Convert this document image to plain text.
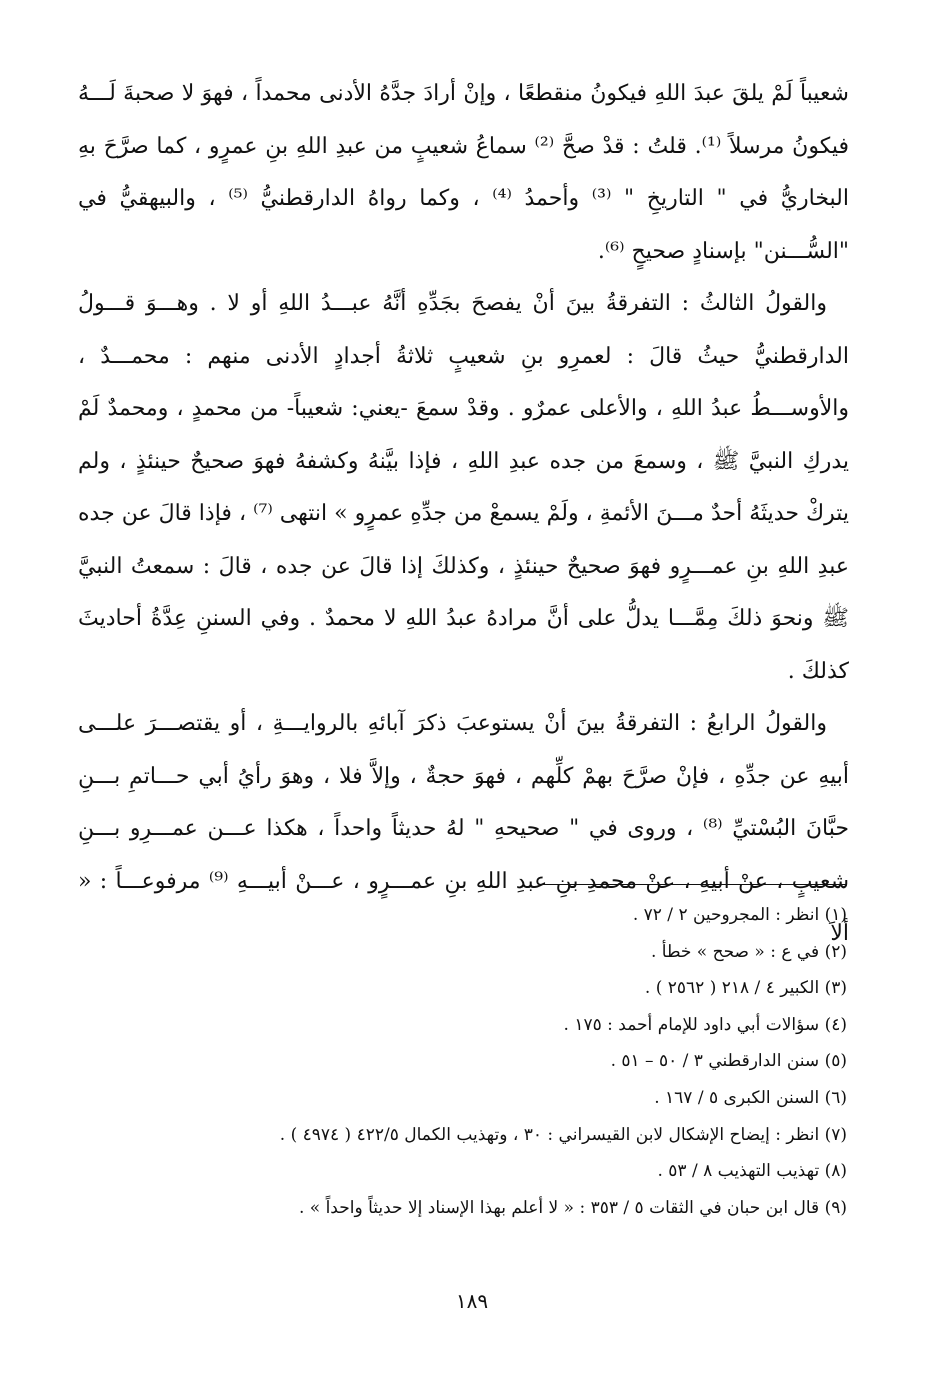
شعيباً لَمْ يلقَ عبدَ اللهِ فيكونُ منقطعًا ، وإنْ أرادَ جدَّهُ الأدنى محمداً ، فهوَ لا صحبةَ لَـــهُ فيكونُ مرسلاً ⁽¹⁾. قلتُ : قدْ صحَّ ⁽²⁾ سماعُ شعيبٍ من عبدِ اللهِ بنِ عمرٍو ، كما صرَّحَ بهِ البخاريُّ في " التاريخِ " ⁽³⁾ وأحمدُ ⁽⁴⁾ ، وكما رواهُ الدارقطنيُّ ⁽⁵⁾ ، والبيهقيُّ في "السُّـــنن" بإسنادٍ صحيحٍ ⁽⁶⁾.

والقولُ الثالثُ : التفرقةُ بينَ أنْ يفصحَ بجَدِّهِ أنَّهُ عبـــدُ اللهِ أو لا . وهـــوَ قـــولُ الدارقطنيُّ حيثُ قالَ : لعمرِو بنِ شعيبٍ ثلاثةُ أجدادٍ الأدنى منهم : محمـــدٌ ، والأوســـطُ عبدُ اللهِ ، والأعلى عمرٌو . وقدْ سمعَ -يعني: شعيباً- من محمدٍ ، ومحمدٌ لَمْ يدركِ النبيَّ ﷺ ، وسمعَ من جده عبدِ اللهِ ، فإذا بيَّنهُ وكشفهُ فهوَ صحيحٌ حينئذٍ ، ولم يتركْ حديثَهُ أحدٌ مـــنَ الأئمةِ ، ولَمْ يسمعْ من جدِّهِ عمرٍو » انتهى ⁽⁷⁾ ، فإذا قالَ عن جده عبدِ اللهِ بنِ عمـــرٍو فهوَ صحيحٌ حينئذٍ ، وكذلكَ إذا قالَ عن جده ، قالَ : سمعتُ النبيَّ ﷺ ونحوَ ذلكَ مِمَّـــا يدلُّ على أنَّ مرادهُ عبدُ اللهِ لا محمدٌ . وفي السننِ عِدَّةُ أحاديثَ كذلكَ .

والقولُ الرابعُ : التفرقةُ بينَ أنْ يستوعبَ ذكرَ آبائهِ بالروايـــةِ ، أو يقتصـــرَ علـــى أبيهِ عن جدِّهِ ، فإنْ صرَّحَ بهمْ كلِّهم ، فهوَ حجةٌ ، وإلاَّ فلا ، وهوَ رأيُ أبي حـــاتمِ بـــنِ حبَّانَ البُسْتيِّ ⁽⁸⁾ ، وروى في " صحيحهِ " لهُ حديثاً واحداً ، هكذا عـــن عمـــرِو بـــنِ شعيبٍ ، عنْ أبيهِ ، عنْ محمدِ بنِ عبدِ اللهِ بنِ عمـــرٍو ، عـــنْ أبيـــهِ ⁽⁹⁾ مرفوعـــاً : « ألاَ

(١) انظر : المجروحين ٢ / ٧٢ .
(٢) في ع : « صحح » خطأ .
(٣) الكبير ٤ / ٢١٨ ( ٢٥٦٢ ) .
(٤) سؤالات أبي داود للإمام أحمد : ١٧٥ .
(٥) سنن الدارقطني ٣ / ٥٠ – ٥١ .
(٦) السنن الكبرى ٥ / ١٦٧ .
(٧) انظر : إيضاح الإشكال لابن القيسراني : ٣٠ ، وتهذيب الكمال ٤٢٢/٥ ( ٤٩٧٤ ) .
(٨) تهذيب التهذيب ٨ / ٥٣ .
(٩) قال ابن حبان في الثقات ٥ / ٣٥٣ : « لا أعلم بهذا الإسناد إلا حديثاً واحداً » .
١٨٩
